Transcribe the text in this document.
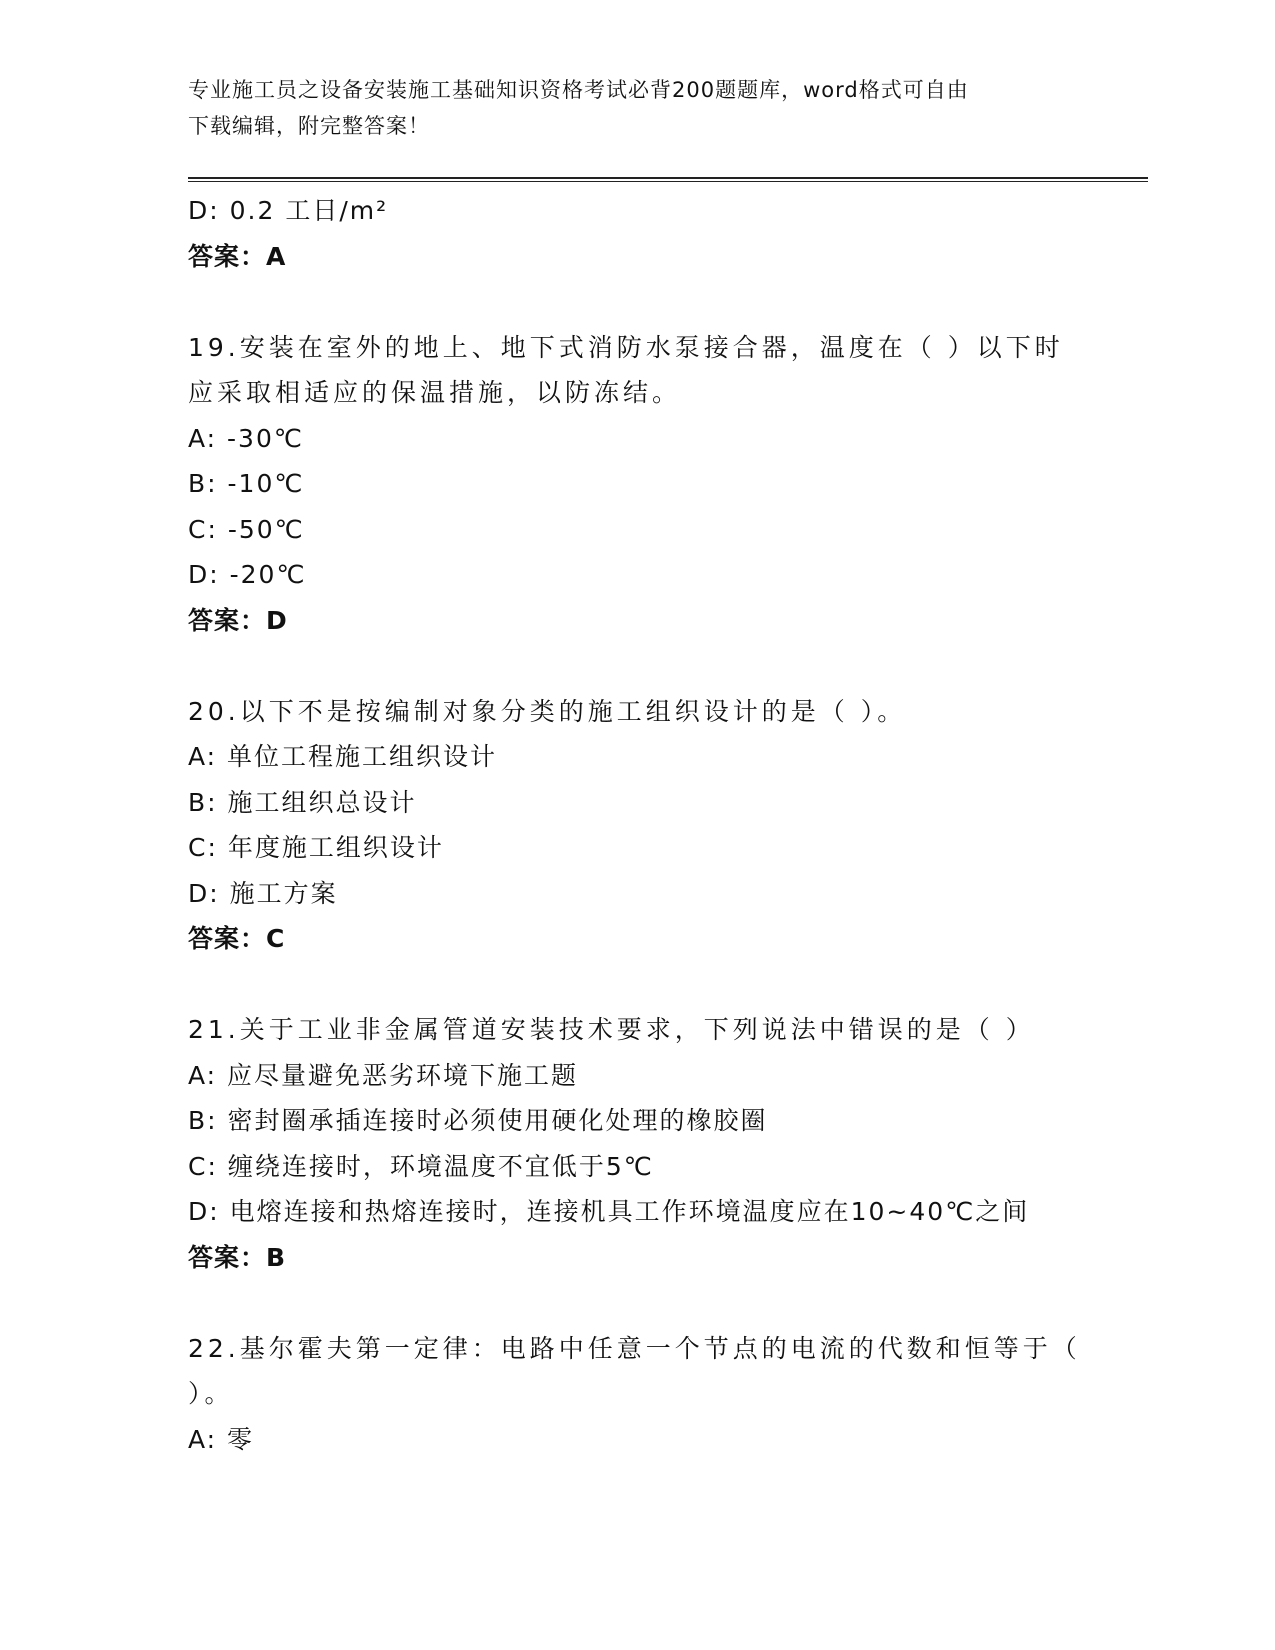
专业施工员之设备安装施工基础知识资格考试必背200题题库，word格式可自由
下载编辑，附完整答案！
D: 0.2 工日/m²
答案：A
19.安装在室外的地上、地下式消防水泵接合器，温度在（ ）以下时
应采取相适应的保温措施，以防冻结。
A: -30℃
B: -10℃
C: -50℃
D: -20℃
答案：D
20.以下不是按编制对象分类的施工组织设计的是（ ）。
A: 单位工程施工组织设计
B: 施工组织总设计
C: 年度施工组织设计
D: 施工方案
答案：C
21.关于工业非金属管道安装技术要求，下列说法中错误的是（ ）
A: 应尽量避免恶劣环境下施工题
B: 密封圈承插连接时必须使用硬化处理的橡胶圈
C: 缠绕连接时，环境温度不宜低于5℃
D: 电熔连接和热熔连接时，连接机具工作环境温度应在10~40℃之间
答案：B
22.基尔霍夫第一定律：电路中任意一个节点的电流的代数和恒等于（
）。
A: 零
